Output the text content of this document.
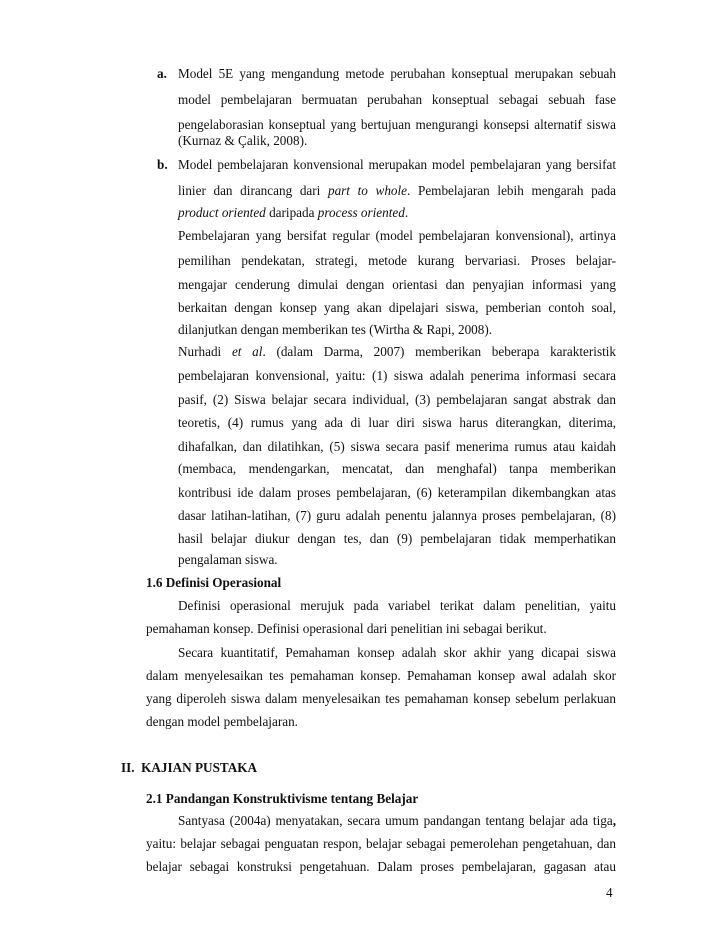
a. Model 5E yang mengandung metode perubahan konseptual merupakan sebuah
model pembelajaran bermuatan perubahan konseptual sebagai sebuah fase
pengelaborasian konseptual yang bertujuan mengurangi konsepsi alternatif siswa
(Kurnaz & Çalik, 2008).
b. Model pembelajaran konvensional merupakan model pembelajaran yang bersifat
linier dan dirancang dari part to whole. Pembelajaran lebih mengarah pada
product oriented daripada process oriented.
Pembelajaran yang bersifat regular (model pembelajaran konvensional), artinya
pemilihan pendekatan, strategi, metode kurang bervariasi. Proses belajar-
mengajar cenderung dimulai dengan orientasi dan penyajian informasi yang
berkaitan dengan konsep yang akan dipelajari siswa, pemberian contoh soal,
dilanjutkan dengan memberikan tes (Wirtha & Rapi, 2008).
Nurhadi et al. (dalam Darma, 2007) memberikan beberapa karakteristik
pembelajaran konvensional, yaitu: (1) siswa adalah penerima informasi secara
pasif, (2) Siswa belajar secara individual, (3) pembelajaran sangat abstrak dan
teoretis, (4) rumus yang ada di luar diri siswa harus diterangkan, diterima,
dihafalkan, dan dilatihkan, (5) siswa secara pasif menerima rumus atau kaidah
(membaca, mendengarkan, mencatat, dan menghafal) tanpa memberikan
kontribusi ide dalam proses pembelajaran, (6) keterampilan dikembangkan atas
dasar latihan-latihan, (7) guru adalah penentu jalannya proses pembelajaran, (8)
hasil belajar diukur dengan tes, dan (9) pembelajaran tidak memperhatikan
pengalaman siswa.
1.6 Definisi Operasional
Definisi operasional merujuk pada variabel terikat dalam penelitian, yaitu
pemahaman konsep. Definisi operasional dari penelitian ini sebagai berikut.
Secara kuantitatif, Pemahaman konsep adalah skor akhir yang dicapai siswa
dalam menyelesaikan tes pemahaman konsep. Pemahaman konsep awal adalah skor
yang diperoleh siswa dalam menyelesaikan tes pemahaman konsep sebelum perlakuan
dengan model pembelajaran.
II.  KAJIAN PUSTAKA
2.1 Pandangan Konstruktivisme tentang Belajar
Santyasa (2004a) menyatakan, secara umum pandangan tentang belajar ada tiga,
yaitu: belajar sebagai penguatan respon, belajar sebagai pemerolehan pengetahuan, dan
belajar sebagai konstruksi pengetahuan. Dalam proses pembelajaran, gagasan atau
4
